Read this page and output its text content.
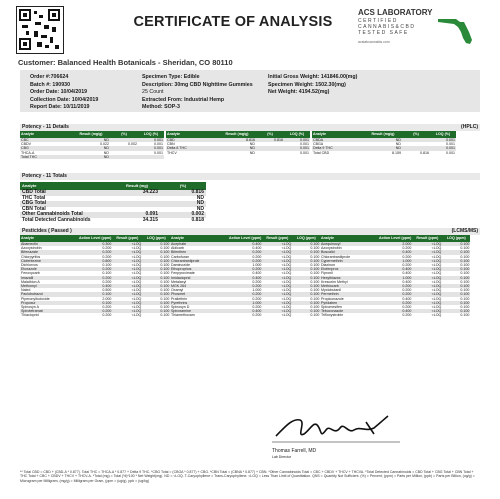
CERTIFICATE OF ANALYSIS
ACS LABORATORY
CERTIFIED CANNABIS&CBD TESTED SAFE
acslabcannabis.com
Customer: Balanced Health Botanicals - Sheridan, CO 80110
Order #:706624
Batch #: 190930
Order Date: 10/04/2019
Collection Date: 10/04/2019
Report Date: 10/11/2019
Specimen Type: Edible
Description: 30mg CBD Nighttime Gummies
25 Count
Extracted From: Industrial Hemp
Method: SOP-3
Initial Gross Weight: 141846.00(mg)
Specimen Weight: 1502.30(mg)
Net Weight: 4194.52(mg)
Potency - 11 Details	(HPLC)
Analyte	Result (mg/g)	(%)	LOQ (%)
CBC	ND		0.001
CBDV	0.022	0.002	0.001
CBG	ND		0.001
THCA-A	ND		0.001
Total THC	ND		
Analyte	Result (mg/g)	(%)	LOQ (%)
CBD	8.816	0.816	0.001
CBN	ND		0.001
Delta 8 THC	ND		0.001
THCV	ND		0.001
Analyte	Result (mg/g)	(%)	LOQ (%)
CBDA	ND		0.001
CBGA	ND		0.001
Delta 9 THC	ND		0.001
Total CBD	8.159	0.816	0.001
Potency - 11 Totals
Analyte	Result (mg)	(%)
CBD Total	34.223	0.816
THC Total		ND
CBG Total		ND
CBN Total		ND
Other Cannabinoids Total	0.091	0.002
Total Detected Cannabinoids	34.315	0.818
Pesticides ( Passed )	(LCMS/MS)
Analyte	Action Level (ppm)	Result (ppm)	LOQ (ppm)
Abamectin	0.300	<LOQ	0.100
Azoxystrobin	0.200	<LOQ	0.100
Bifenazate	0.200	<LOQ	0.100
Chlorpyrifos	0.200	<LOQ	0.100
Clofentezine	0.800	<LOQ	0.100
Dichlorvos	0.100	<LOQ	0.100
Etoxazole	0.200	<LOQ	0.100
Fenoxycarb	0.100	<LOQ	0.100
Imazalil	0.200	<LOQ	0.100
Malathion A	0.200	<LOQ	0.100
Methomyl	0.400	<LOQ	0.100
Naled	0.500	<LOQ	0.100
Paclobutrazol	0.100	<LOQ	0.100
Piperonylbutoxide	2.000	<LOQ	0.100
Propoxur	0.100	<LOQ	0.100
Spinosyn A	0.200	<LOQ	0.100
Spirotetramat	0.200	<LOQ	0.100
Thiacloprid	0.200	<LOQ	0.100
Analyte	Action Level (ppm)	Result (ppm)	LOQ (ppm)
Acephate	0.400	<LOQ	0.100
Aldicarb	0.400	<LOQ	0.100
Bifenthrin	0.200	<LOQ	0.100
Carbofuran	0.200	<LOQ	0.100
Chlorantranilprole	0.200	<LOQ	0.100
Daminozide	1.000	<LOQ	0.100
Ethoprophos	0.200	<LOQ	0.100
Fenpyroximate	0.400	<LOQ	0.100
Imidacloprid	0.400	<LOQ	0.100
Metalaxyl	0.200	<LOQ	0.100
MGK 264	0.200	<LOQ	0.100
Oxamyl	1.000	<LOQ	0.100
Phosmet	0.200	<LOQ	0.100
Prallethrin	0.200	<LOQ	0.100
Pyrethrins	1.000	<LOQ	0.100
Spinosyn D	0.200	<LOQ	0.100
Spiroxamine	0.400	<LOQ	0.100
Thiamethoxam	0.200	<LOQ	0.100
Analyte	Action Level (ppm)	Result (ppm)	LOQ (ppm)
Acequinocyl	2.000	<LOQ	0.100
Azoxystrobin	0.200	<LOQ	0.100
Boscalid	0.400	<LOQ	0.100
Chlorantraniliprole	0.200	<LOQ	0.100
Cypermethrin	1.000	<LOQ	0.100
Diazinon	0.200	<LOQ	0.100
Etofenprox	0.400	<LOQ	0.100
Fipronil	0.400	<LOQ	0.100
Hexythiazox	1.000	<LOQ	0.100
Kresoxim Methyl	0.400	<LOQ	0.100
Methiocarb	0.200	<LOQ	0.100
Myclobutanil	0.200	<LOQ	0.100
Permethrin	0.200	<LOQ	0.100
Propiconazole	0.400	<LOQ	0.100
Pyridaben	0.200	<LOQ	0.100
Spiromesifen	0.200	<LOQ	0.100
Tebuconazole	0.400	<LOQ	0.100
Trifloxystrobin	0.200	<LOQ	0.100
Thomas Farrell, MD
Lab Director
** Total CBD = CBD + (CBD-A * 0.877). Total THC = THCA-A * 0.877 + Delta 9 THC. *CBG Total = (CBGA * 0.877) + CBG. *CBN Total = (CBNA * 0.877) + CBN. *Other Cannabinoids Total = CBC + CBDV + THCV + THCVA. *Total Detected Cannabinoids = CBD Total + CBG Total + CBN Total + THC Total + CBC + CBDV + THCV + THCV-A. *Total (mg) = Total (%)*100 * Net Weight(mg). ND = <LOQ. T-Caryophyllene = Trans-Caryophyllene. <LOQ = Less Than Limit of Quantitation. QNS = Quantity Not Sufficient. (%) = Percent, (ppm) = Parts per Million, (ppb) = Parts per Billion, (ug/g) = Microgram per Milligram, (mg/g) = Milligram per Gram, (ppm = (ug/g), ppb = (ug/kg)
